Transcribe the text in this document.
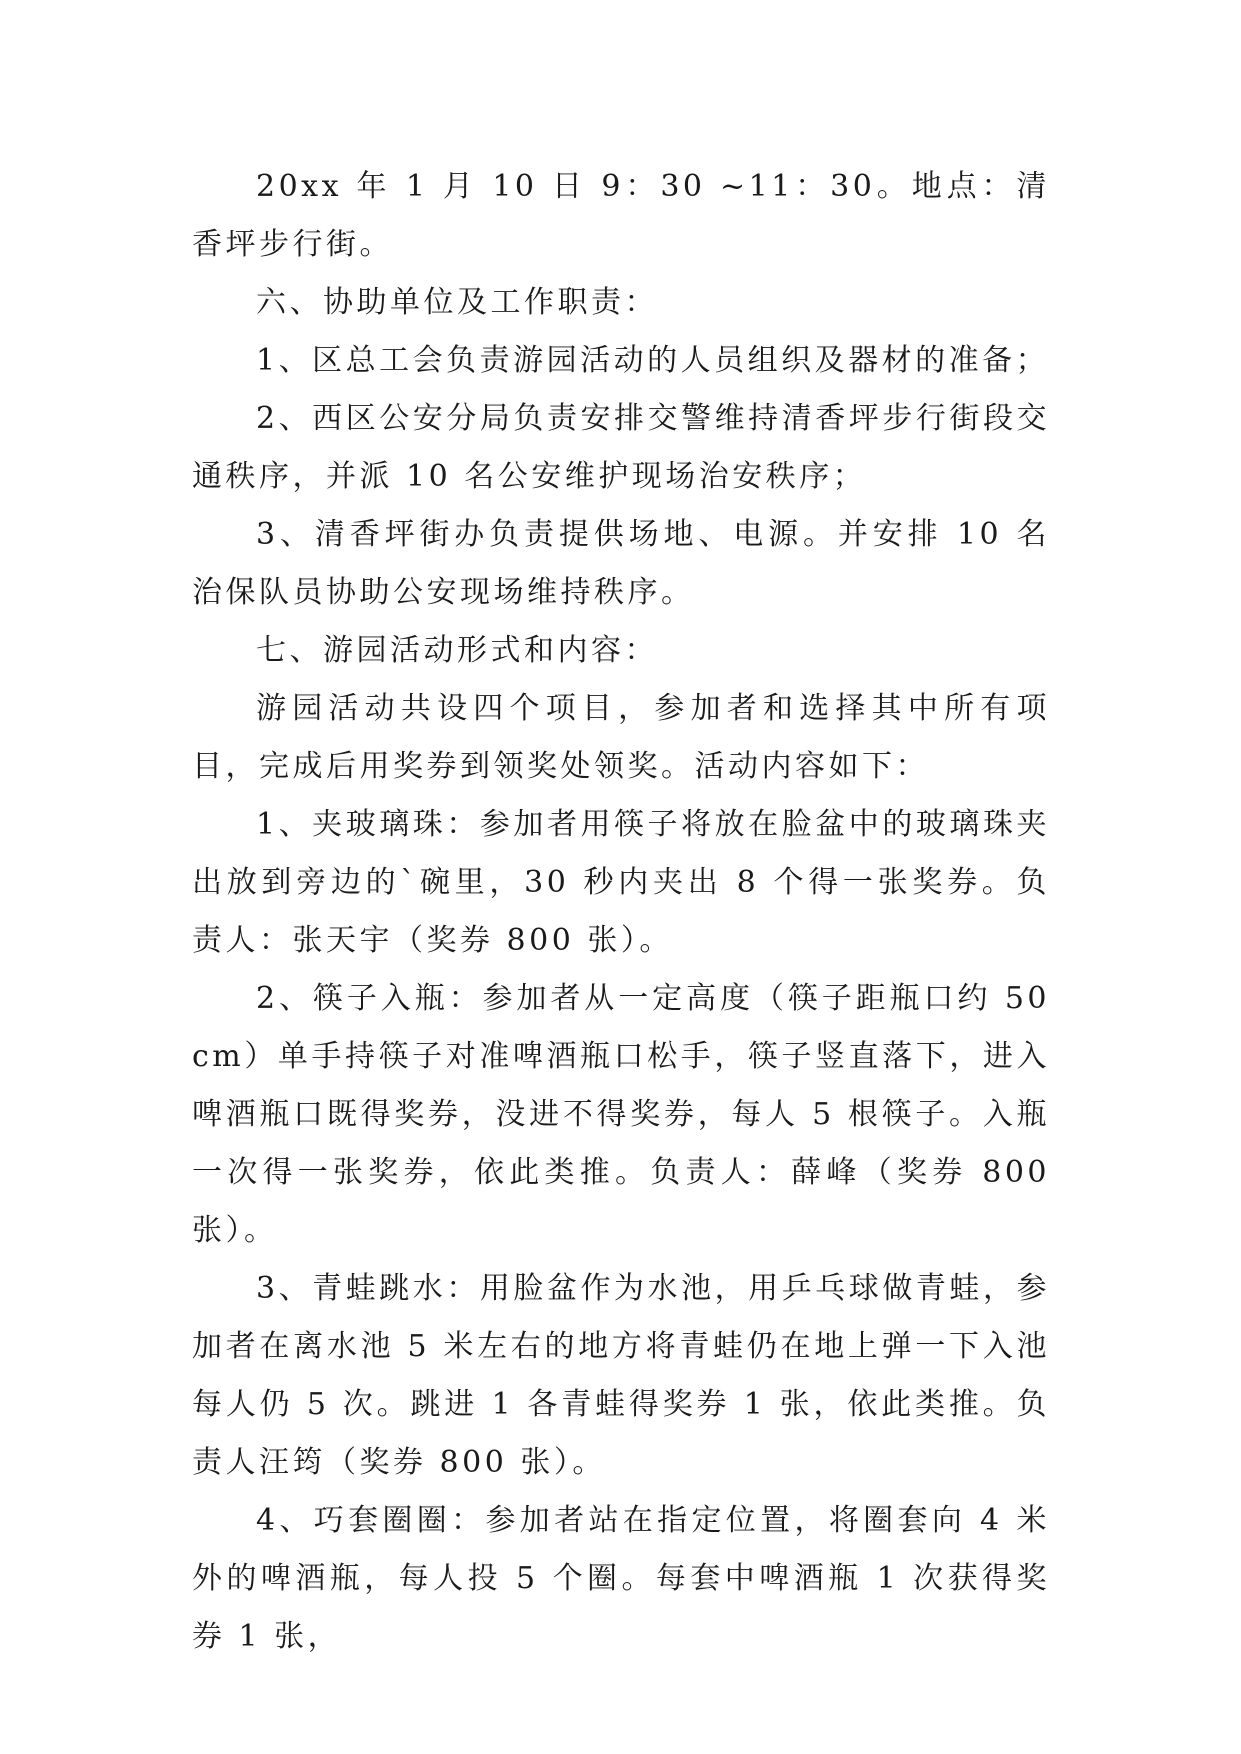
20xx 年 1 月 10 日 9：30 ~11：30。地点：清香坪步行街。

六、协助单位及工作职责：

1、区总工会负责游园活动的人员组织及器材的准备；

2、西区公安分局负责安排交警维持清香坪步行街段交通秩序，并派 10 名公安维护现场治安秩序；

3、清香坪街办负责提供场地、电源。并安排 10 名治保队员协助公安现场维持秩序。

七、游园活动形式和内容：

游园活动共设四个项目，参加者和选择其中所有项目，完成后用奖券到领奖处领奖。活动内容如下：

1、夹玻璃珠：参加者用筷子将放在脸盆中的玻璃珠夹出放到旁边的`碗里，30 秒内夹出 8 个得一张奖券。负责人：张天宇（奖券 800 张）。

2、筷子入瓶：参加者从一定高度（筷子距瓶口约 50cm）单手持筷子对准啤酒瓶口松手，筷子竖直落下，进入啤酒瓶口既得奖券，没进不得奖券，每人 5 根筷子。入瓶一次得一张奖券，依此类推。负责人：薛峰（奖券 800 张）。

3、青蛙跳水：用脸盆作为水池，用乒乓球做青蛙，参加者在离水池 5 米左右的地方将青蛙仍在地上弹一下入池每人仍 5 次。跳进 1 各青蛙得奖券 1 张，依此类推。负责人汪筠（奖券 800 张）。

4、巧套圈圈：参加者站在指定位置，将圈套向 4 米外的啤酒瓶，每人投 5 个圈。每套中啤酒瓶 1 次获得奖券 1 张，
